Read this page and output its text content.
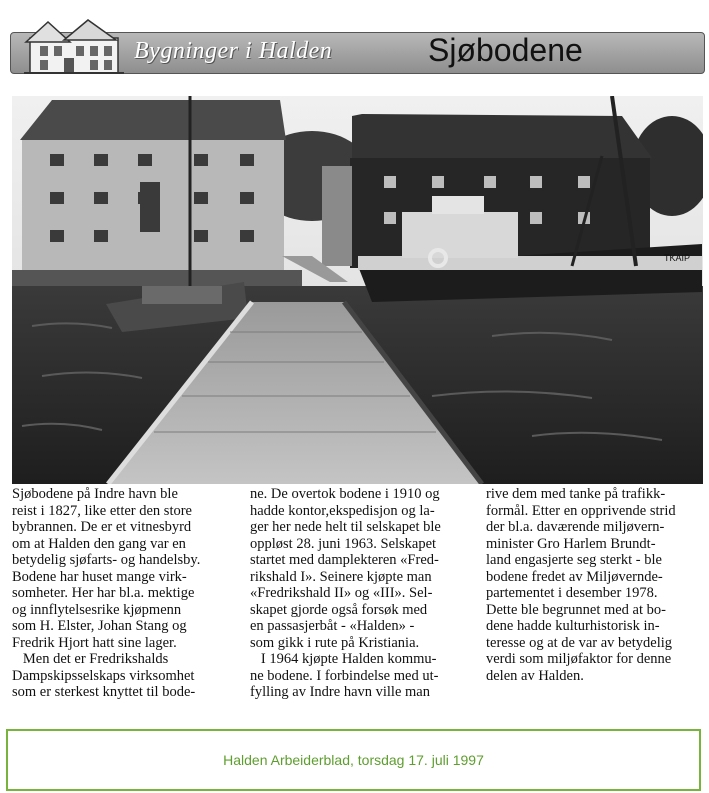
Bygninger i Halden	Sjøbodene
TKAIP
Sjøbodene på Indre havn ble
reist i 1827, like etter den store
bybrannen. De er et vitnesbyrd
om at Halden den gang var en
betydelig sjøfarts- og handelsby.
Bodene har huset mange virk-
somheter. Her har bl.a. mektige
og innflytelsesrike kjøpmenn
som H. Elster, Johan Stang og
Fredrik Hjort hatt sine lager.
Men det er Fredrikshalds
Dampskipsselskaps virksomhet
som er sterkest knyttet til bode-
ne. De overtok bodene i 1910 og
hadde kontor,ekspedisjon og la-
ger her nede helt til selskapet ble
oppløst 28. juni 1963. Selskapet
startet med damplekteren «Fred-
rikshald I». Seinere kjøpte man
«Fredrikshald II» og «III». Sel-
skapet gjorde også forsøk med
en passasjerbåt - «Halden» -
som gikk i rute på Kristiania.
I 1964 kjøpte Halden kommu-
ne bodene. I forbindelse med ut-
fylling av Indre havn ville man
rive dem med tanke på trafikk-
formål. Etter en opprivende strid
der bl.a. daværende miljøvern-
minister Gro Harlem Brundt-
land engasjerte seg sterkt - ble
bodene fredet av Miljøvernde-
partementet i desember 1978.
Dette ble begrunnet med at bo-
dene hadde kulturhistorisk in-
teresse og at de var av betydelig
verdi som miljøfaktor for denne
delen av Halden.
Halden Arbeiderblad, torsdag 17. juli 1997
